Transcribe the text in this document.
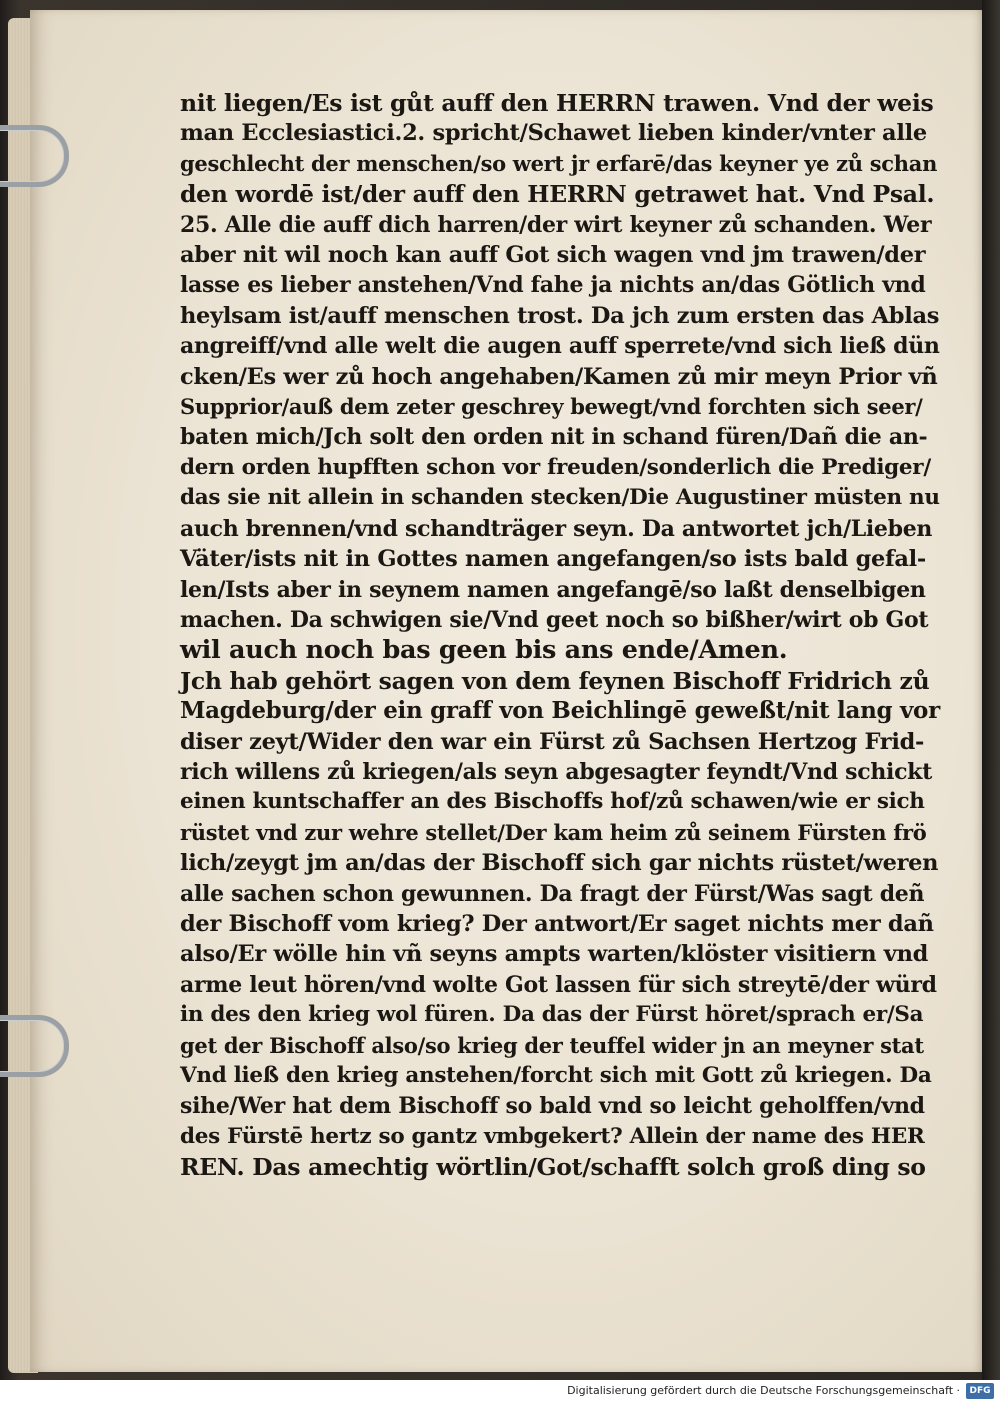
nit liegen/Es ist gůt auff den HERRN trawen. Vnd der weis
man Ecclesiastici.2. spricht/Schawet lieben kinder/vnter alle
geschlecht der menschen/so wert jr erfarē/das keyner ye zů schan
den wordē ist/der auff den HERRN getrawet hat. Vnd Psal.
25. Alle die auff dich harren/der wirt keyner zů schanden. Wer
aber nit wil noch kan auff Got sich wagen vnd jm trawen/der
lasse es lieber anstehen/Vnd fahe ja nichts an/das Götlich vnd
heylsam ist/auff menschen trost. Da jch zum ersten das Ablas
angreiff/vnd alle welt die augen auff sperrete/vnd sich ließ dün
cken/Es wer zů hoch angehaben/Kamen zů mir meyn Prior vñ
Supprior/auß dem zeter geschrey bewegt/vnd forchten sich seer/
baten mich/Jch solt den orden nit in schand füren/Dañ die an-
dern orden hupfften schon vor freuden/sonderlich die Prediger/
das sie nit allein in schanden stecken/Die Augustiner müsten nu
auch brennen/vnd schandträger seyn. Da antwortet jch/Lieben
Väter/ists nit in Gottes namen angefangen/so ists bald gefal-
len/Ists aber in seynem namen angefangē/so laßt denselbigen
machen. Da schwigen sie/Vnd geet noch so bißher/wirt ob Got
wil auch noch bas geen bis ans ende/Amen.
Jch hab gehört sagen von dem feynen Bischoff Fridrich zů
Magdeburg/der ein graff von Beichlingē geweßt/nit lang vor
diser zeyt/Wider den war ein Fürst zů Sachsen Hertzog Frid-
rich willens zů kriegen/als seyn abgesagter feyndt/Vnd schickt
einen kuntschaffer an des Bischoffs hof/zů schawen/wie er sich
rüstet vnd zur wehre stellet/Der kam heim zů seinem Fürsten frö
lich/zeygt jm an/das der Bischoff sich gar nichts rüstet/weren
alle sachen schon gewunnen. Da fragt der Fürst/Was sagt deñ
der Bischoff vom krieg? Der antwort/Er saget nichts mer dañ
also/Er wölle hin vñ seyns ampts warten/klöster visitiern vnd
arme leut hören/vnd wolte Got lassen für sich streytē/der würd
in des den krieg wol füren. Da das der Fürst höret/sprach er/Sa
get der Bischoff also/so krieg der teuffel wider jn an meyner stat
Vnd ließ den krieg anstehen/forcht sich mit Gott zů kriegen. Da
sihe/Wer hat dem Bischoff so bald vnd so leicht geholffen/vnd
des Fürstē hertz so gantz vmbgekert? Allein der name des HER
REN. Das amechtig wörtlin/Got/schafft solch groß ding so
Digitalisierung gefördert durch die Deutsche Forschungsgemeinschaft ·	DFG
